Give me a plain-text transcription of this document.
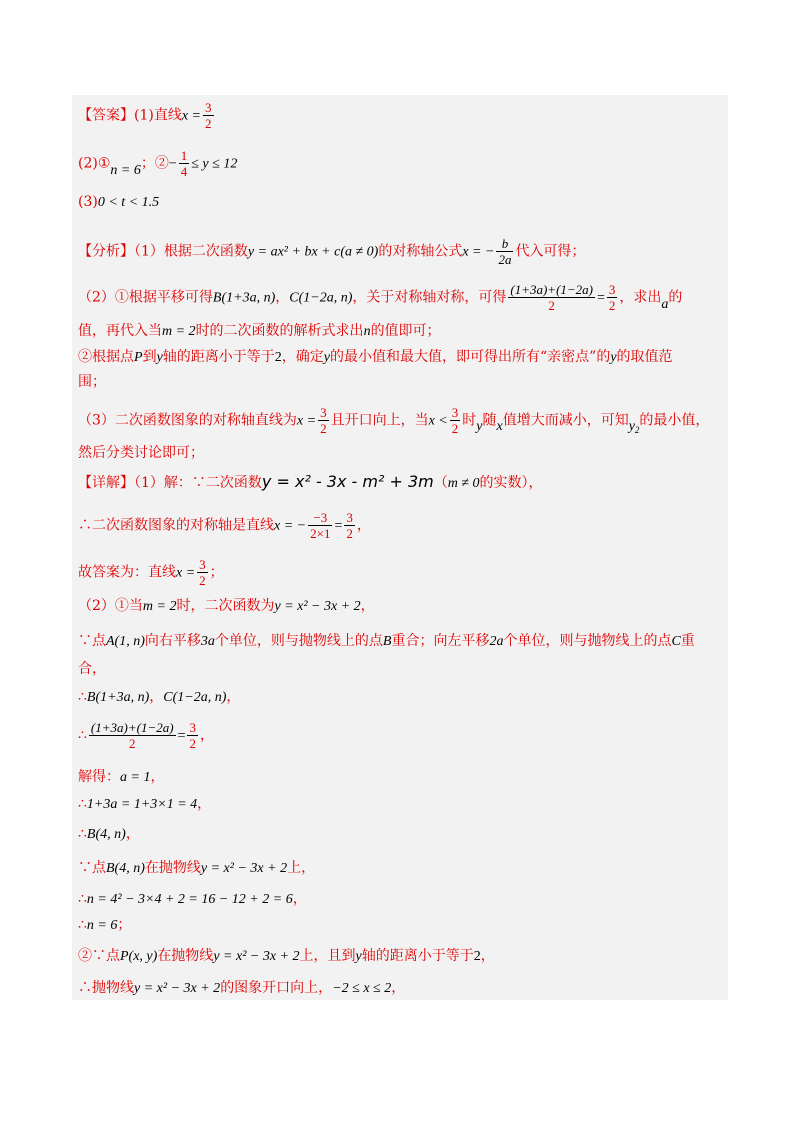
【答案】(1)直线$x = \frac{3}{2}$
(2)①n = 6；②− $\frac{1}{4} \le y \le 12$
(3)0 < t < 1.5
【分析】（1）根据二次函数y = ax² + bx + c(a ≠ 0)的对称轴公式x = − $\frac{b}{2a}$ 代入可得；
（2）①根据平移可得B(1+3a, n)，C(1−2a, n)，关于对称轴对称，可得 $\frac{(1+3a)+(1-2a)}{2} = \frac{3}{2}$ ，求出a的
值，再代入当m = 2时的二次函数的解析式求出n的值即可；
②根据点P到y轴的距离小于等于2，确定y的最小值和最大值，即可得出所有“亲密点”的y的取值范
围；
（3）二次函数图象的对称轴直线为$x = \frac{3}{2}$ 且开口向上，当$x < \frac{3}{2}$ 时y随x值增大而减小，可知$y_2$的最小值，
然后分类讨论即可；
【详解】（1）解：∵二次函数y = x² - 3x - m² + 3m（m ≠ 0的实数），
∴二次函数图象的对称轴是直线x = − $\frac{-3}{2\times 1} = \frac{3}{2}$ ，
故答案为：直线$x = \frac{3}{2}$ ；
（2）①当m = 2时，二次函数为y = x² − 3x + 2，
∵点A(1, n)向右平移3a个单位，则与抛物线上的点B重合；向左平移2a个单位，则与抛物线上的点C重
合，
∴B(1+3a, n)，C(1−2a, n)，
∴ $\frac{(1+3a)+(1-2a)}{2} = \frac{3}{2}$ ，
解得：a = 1，
∴1+3a = 1+3×1 = 4，
∴B(4, n)，
∵点B(4, n)在抛物线y = x² − 3x + 2上，
∴n = 4² − 3×4 + 2 = 16 − 12 + 2 = 6，
∴n = 6；
②∵点P(x, y)在抛物线y = x² − 3x + 2上，且到y轴的距离小于等于2，
∴抛物线y = x² − 3x + 2的图象开口向上，−2 ≤ x ≤ 2，
